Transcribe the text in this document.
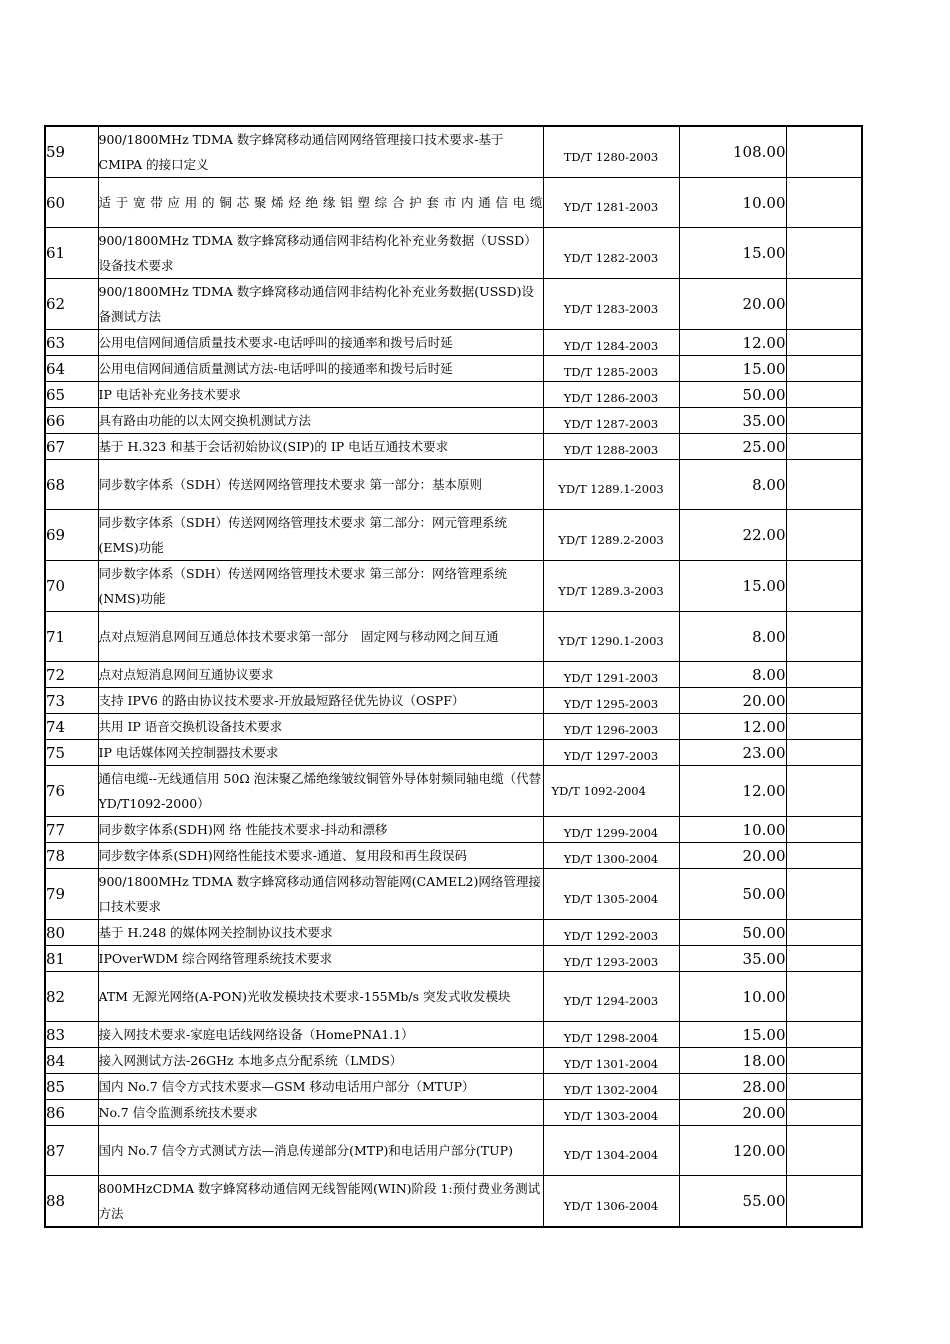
59	900/1800MHz TDMA 数字蜂窝移动通信网网络管理接口技术要求-基于CMIPA 的接口定义	TD/T 1280-2003	108.00	
60	适于宽带应用的铜芯聚烯烃绝缘铝塑综合护套市内通信电缆	YD/T 1281-2003	10.00	
61	900/1800MHz TDMA 数字蜂窝移动通信网非结构化补充业务数据（USSD）设备技术要求	YD/T 1282-2003	15.00	
62	900/1800MHz TDMA 数字蜂窝移动通信网非结构化补充业务数据(USSD)设备测试方法	YD/T 1283-2003	20.00	
63	公用电信网间通信质量技术要求-电话呼叫的接通率和拨号后时延	YD/T 1284-2003	12.00	
64	公用电信网间通信质量测试方法-电话呼叫的接通率和拨号后时延	TD/T 1285-2003	15.00	
65	IP 电话补充业务技术要求	YD/T 1286-2003	50.00	
66	具有路由功能的以太网交换机测试方法	YD/T 1287-2003	35.00	
67	基于 H.323 和基于会话初始协议(SIP)的 IP 电话互通技术要求	YD/T 1288-2003	25.00	
68	同步数字体系（SDH）传送网网络管理技术要求 第一部分：基本原则	YD/T 1289.1-2003	8.00	
69	同步数字体系（SDH）传送网网络管理技术要求 第二部分：网元管理系统(EMS)功能	YD/T 1289.2-2003	22.00	
70	同步数字体系（SDH）传送网网络管理技术要求 第三部分：网络管理系统(NMS)功能	YD/T 1289.3-2003	15.00	
71	点对点短消息网间互通总体技术要求第一部分　固定网与移动网之间互通	YD/T 1290.1-2003	8.00	
72	点对点短消息网间互通协议要求	YD/T 1291-2003	8.00	
73	支持 IPV6 的路由协议技术要求-开放最短路径优先协议（OSPF）	YD/T 1295-2003	20.00	
74	共用 IP 语音交换机设备技术要求	YD/T 1296-2003	12.00	
75	IP 电话媒体网关控制器技术要求	YD/T 1297-2003	23.00	
76	通信电缆--无线通信用 50Ω 泡沫聚乙烯绝缘皱纹铜管外导体射频同轴电缆（代替 YD/T1092-2000）	YD/T 1092-2004	12.00	
77	同步数字体系(SDH)网 络 性能技术要求-抖动和漂移	YD/T 1299-2004	10.00	
78	同步数字体系(SDH)网络性能技术要求-通道、复用段和再生段误码	YD/T 1300-2004	20.00	
79	900/1800MHz TDMA 数字蜂窝移动通信网移动智能网(CAMEL2)网络管理接口技术要求	YD/T 1305-2004	50.00	
80	基于 H.248 的媒体网关控制协议技术要求	YD/T 1292-2003	50.00	
81	IPOverWDM 综合网络管理系统技术要求	YD/T 1293-2003	35.00	
82	ATM 无源光网络(A-PON)光收发模块技术要求-155Mb/s 突发式收发模块	YD/T 1294-2003	10.00	
83	接入网技术要求-家庭电话线网络设备（HomePNA1.1）	YD/T 1298-2004	15.00	
84	接入网测试方法-26GHz 本地多点分配系统（LMDS）	YD/T 1301-2004	18.00	
85	国内 No.7 信令方式技术要求—GSM 移动电话用户部分（MTUP）	YD/T 1302-2004	28.00	
86	No.7 信令监测系统技术要求	YD/T 1303-2004	20.00	
87	国内 No.7 信令方式测试方法—消息传递部分(MTP)和电话用户部分(TUP)	YD/T 1304-2004	120.00	
88	800MHzCDMA 数字蜂窝移动通信网无线智能网(WIN)阶段 1:预付费业务测试方法	YD/T 1306-2004	55.00	
